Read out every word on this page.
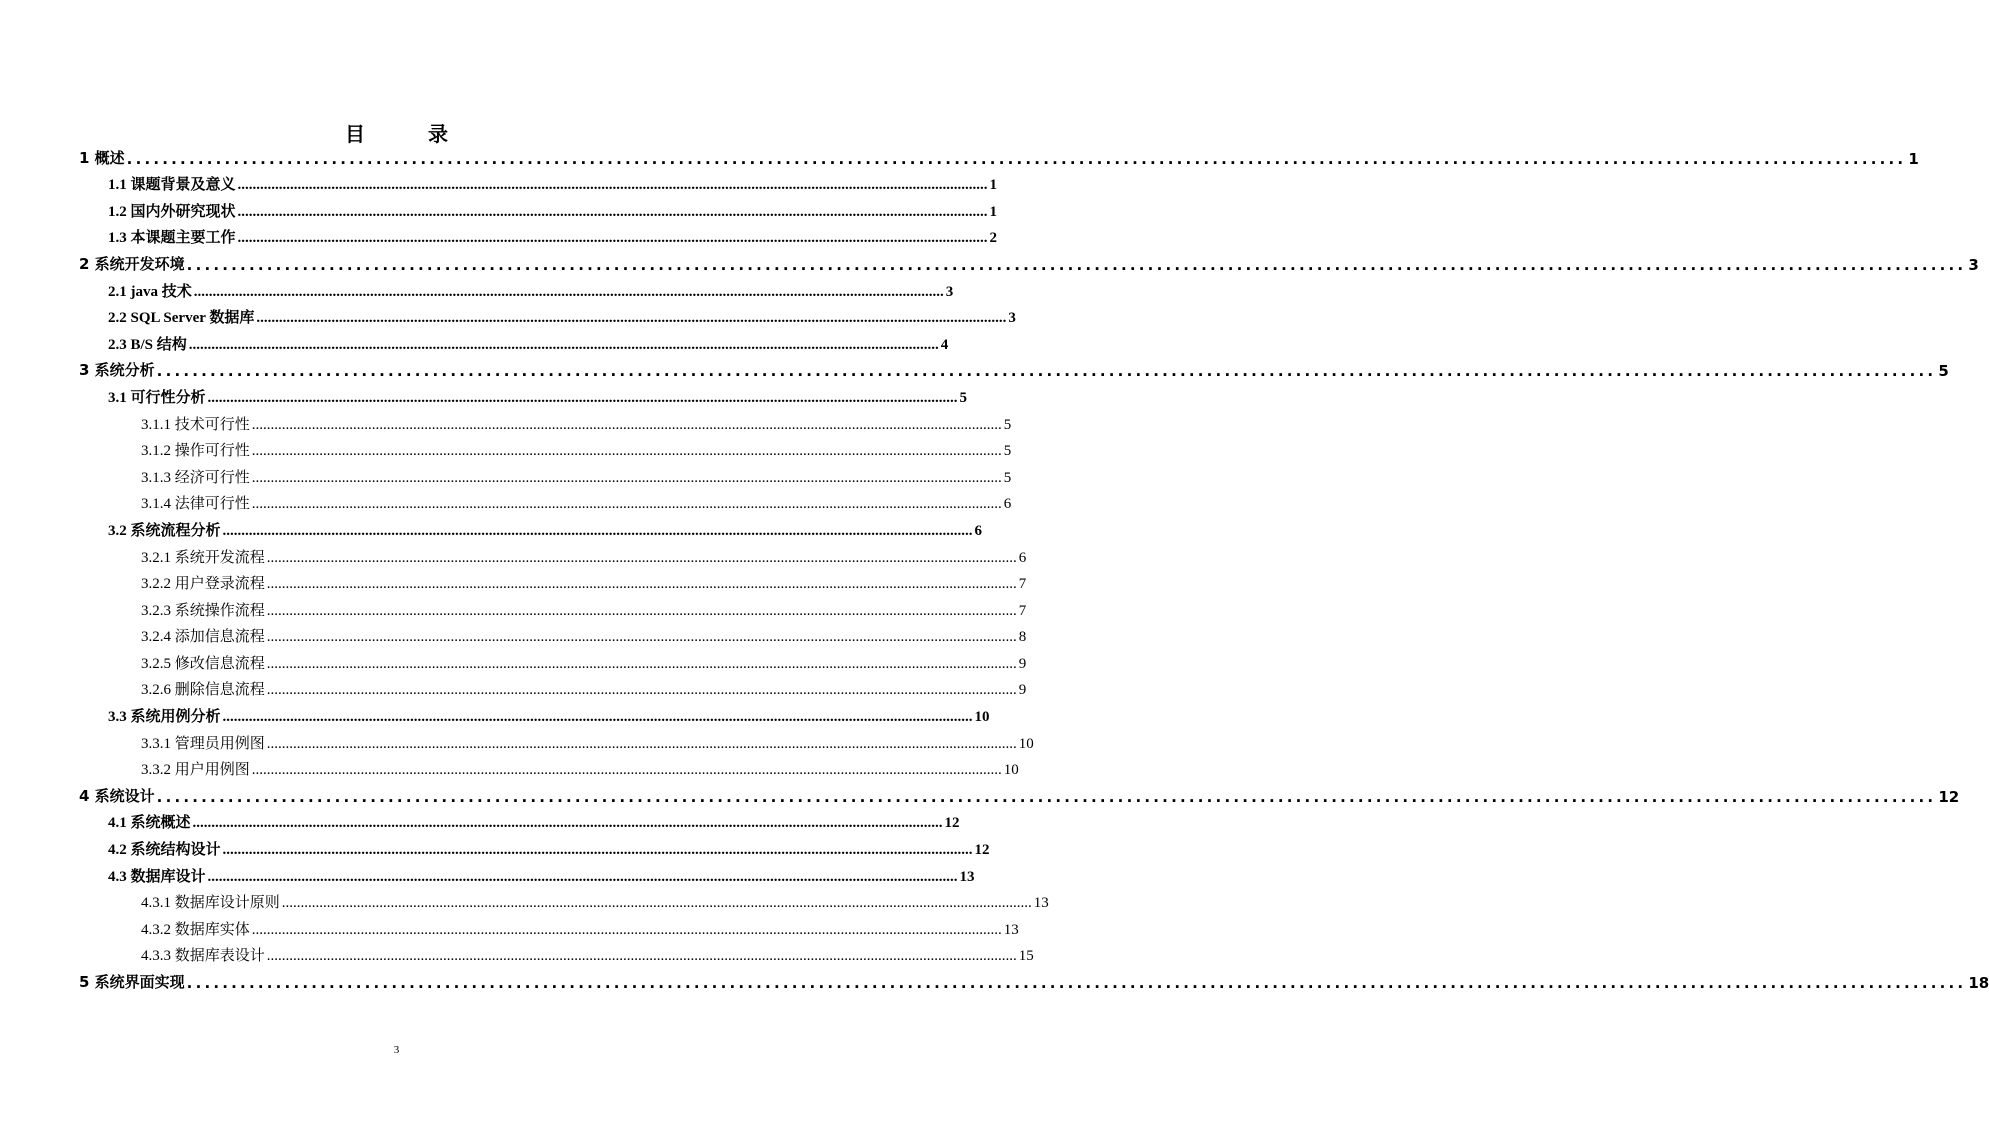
目 录
1 概述 ........................................................................................................................................................................................................ 1
1.1 课题背景及意义 ........................................................................................................................................................................................................ 1
1.2 国内外研究现状 ........................................................................................................................................................................................................ 1
1.3 本课题主要工作 ........................................................................................................................................................................................................ 2
2 系统开发环境 ........................................................................................................................................................................................................ 3
2.1 java 技术 ........................................................................................................................................................................................................ 3
2.2 SQL Server 数据库 ........................................................................................................................................................................................................ 3
2.3 B/S 结构 ........................................................................................................................................................................................................ 4
3 系统分析 ........................................................................................................................................................................................................ 5
3.1 可行性分析 ........................................................................................................................................................................................................ 5
3.1.1 技术可行性 ........................................................................................................................................................................................................ 5
3.1.2 操作可行性 ........................................................................................................................................................................................................ 5
3.1.3 经济可行性 ........................................................................................................................................................................................................ 5
3.1.4 法律可行性 ........................................................................................................................................................................................................ 6
3.2 系统流程分析 ........................................................................................................................................................................................................ 6
3.2.1 系统开发流程 ........................................................................................................................................................................................................ 6
3.2.2 用户登录流程 ........................................................................................................................................................................................................ 7
3.2.3 系统操作流程 ........................................................................................................................................................................................................ 7
3.2.4 添加信息流程 ........................................................................................................................................................................................................ 8
3.2.5 修改信息流程 ........................................................................................................................................................................................................ 9
3.2.6 删除信息流程 ........................................................................................................................................................................................................ 9
3.3 系统用例分析 ........................................................................................................................................................................................................ 10
3.3.1 管理员用例图 ........................................................................................................................................................................................................ 10
3.3.2 用户用例图 ........................................................................................................................................................................................................ 10
4 系统设计 ........................................................................................................................................................................................................ 12
4.1 系统概述 ........................................................................................................................................................................................................ 12
4.2 系统结构设计 ........................................................................................................................................................................................................ 12
4.3 数据库设计 ........................................................................................................................................................................................................ 13
4.3.1 数据库设计原则 ........................................................................................................................................................................................................ 13
4.3.2 数据库实体 ........................................................................................................................................................................................................ 13
4.3.3 数据库表设计 ........................................................................................................................................................................................................ 15
5 系统界面实现 ........................................................................................................................................................................................................ 18
3
